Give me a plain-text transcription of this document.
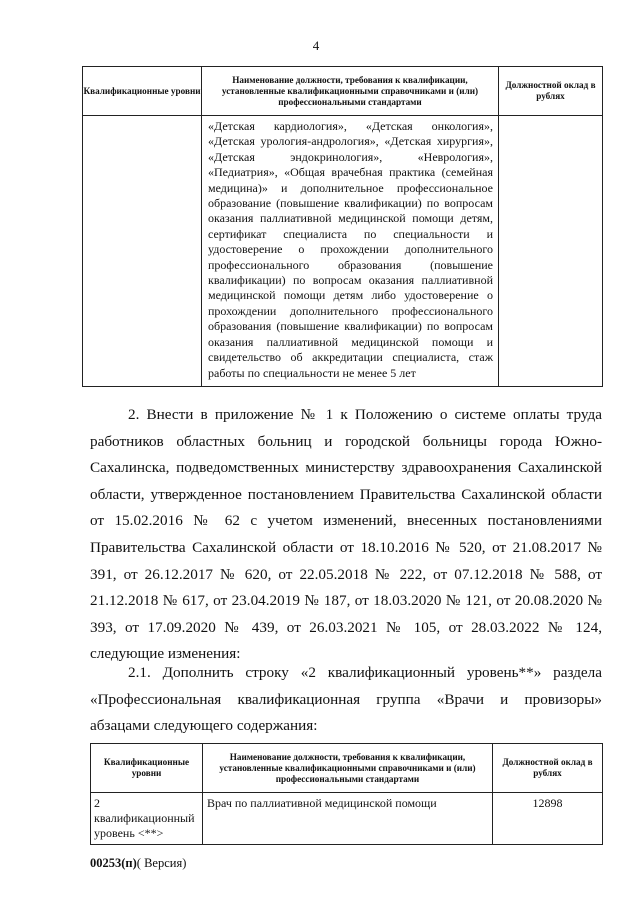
4
Квалификационные уровни	Наименование должности, требования к квалификации, установленные квалификационными справочниками и (или) профессиональными стандартами	Должностной оклад в рублях
	«Детская кардиология», «Детская онкология», «Детская урология-андрология», «Детская хирургия», «Детская эндокринология», «Неврология», «Педиатрия», «Общая врачебная практика (семейная медицина)» и дополнительное профессиональное образование (повышение квалификации) по вопросам оказания паллиативной медицинской помощи детям, сертификат специалиста по специальности и удостоверение о прохождении дополнительного профессионального образования (повышение квалификации) по вопросам оказания паллиативной медицинской помощи детям либо удостоверение о прохождении дополнительного профессионального образования (повышение квалификации) по вопросам оказания паллиативной медицинской помощи и свидетельство об аккредитации специалиста, стаж работы по специальности не менее 5 лет	

2. Внести в приложение № 1 к Положению о системе оплаты труда работников областных больниц и городской больницы города Южно-Сахалинска, подведомственных министерству здравоохранения Сахалинской области, утвержденное постановлением Правительства Сахалинской области от 15.02.2016 № 62 с учетом изменений, внесенных постановлениями Правительства Сахалинской области от 18.10.2016 № 520, от 21.08.2017 № 391, от 26.12.2017 № 620, от 22.05.2018 № 222, от 07.12.2018 № 588, от 21.12.2018 № 617, от 23.04.2019 № 187, от 18.03.2020 № 121, от 20.08.2020 № 393, от 17.09.2020 № 439, от 26.03.2021 № 105, от 28.03.2022 № 124, следующие изменения:

2.1. Дополнить строку «2 квалификационный уровень**» раздела «Профессиональная квалификационная группа «Врачи и провизоры» абзацами следующего содержания:

Квалификационные уровни	Наименование должности, требования к квалификации, установленные квалификационными справочниками и (или) профессиональными стандартами	Должностной оклад в рублях
2 квалификационный уровень <**>	Врач по паллиативной медицинской помощи	12898
00253(п)( Версия)
